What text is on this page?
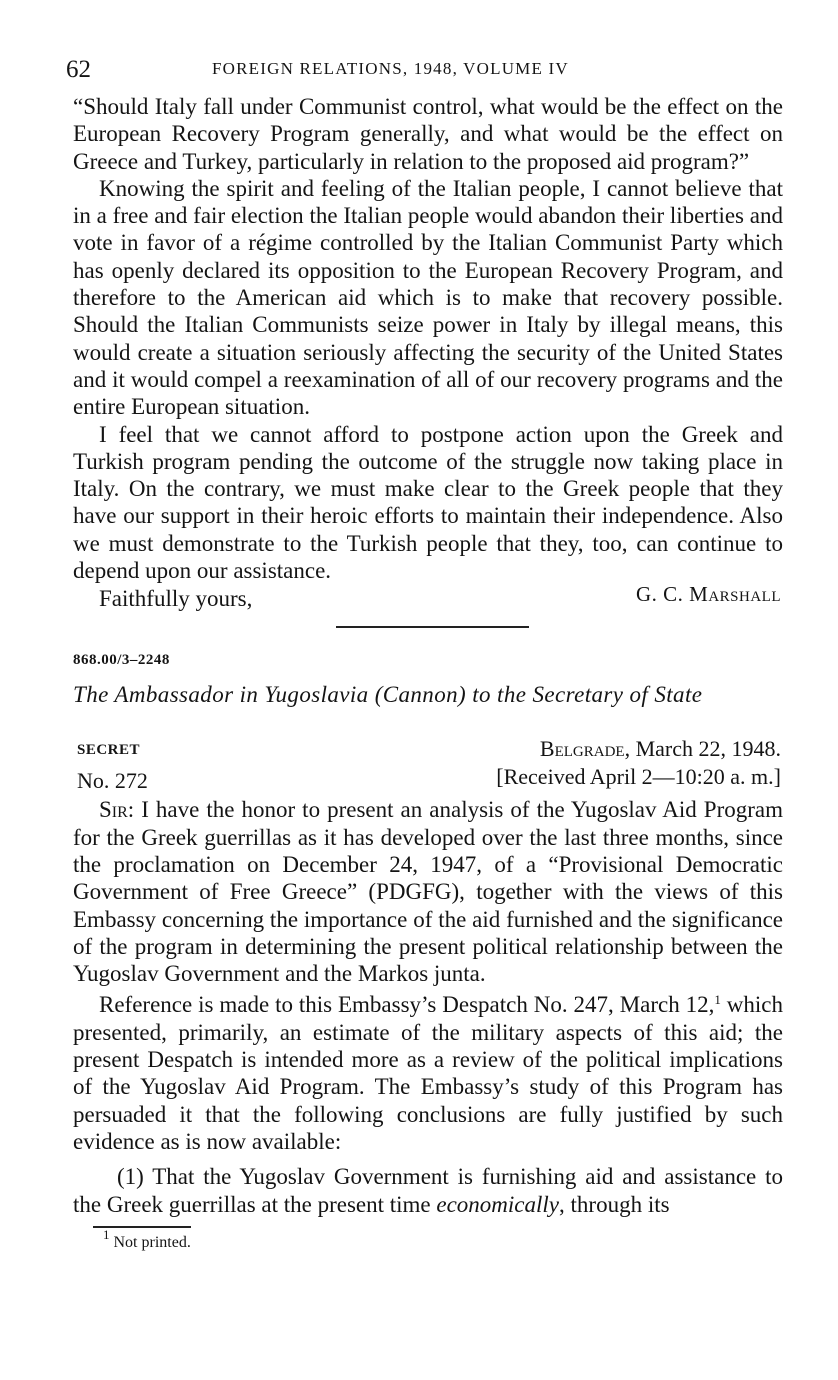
62	FOREIGN RELATIONS, 1948, VOLUME IV

“Should Italy fall under Communist control, what would be the effect on the European Recovery Program generally, and what would be the effect on Greece and Turkey, particularly in relation to the proposed aid program?”

Knowing the spirit and feeling of the Italian people, I cannot believe that in a free and fair election the Italian people would abandon their liberties and vote in favor of a régime controlled by the Italian Communist Party which has openly declared its opposition to the European Recovery Program, and therefore to the American aid which is to make that recovery possible. Should the Italian Communists seize power in Italy by illegal means, this would create a situation seriously affecting the security of the United States and it would compel a reexamination of all of our recovery programs and the entire European situation.

I feel that we cannot afford to postpone action upon the Greek and Turkish program pending the outcome of the struggle now taking place in Italy. On the contrary, we must make clear to the Greek people that they have our support in their heroic efforts to maintain their independence. Also we must demonstrate to the Turkish people that they, too, can continue to depend upon our assistance.

Faithfully yours,	G. C. Marshall
868.00/3–2248
The Ambassador in Yugoslavia (Cannon) to the Secretary of State
SECRET
No. 272
Belgrade, March 22, 1948.
[Received April 2—10:20 a. m.]

Sir: I have the honor to present an analysis of the Yugoslav Aid Program for the Greek guerrillas as it has developed over the last three months, since the proclamation on December 24, 1947, of a “Provisional Democratic Government of Free Greece” (PDGFG), together with the views of this Embassy concerning the importance of the aid furnished and the significance of the program in determining the present political relationship between the Yugoslav Government and the Markos junta.

Reference is made to this Embassy’s Despatch No. 247, March 12,$^1$ which presented, primarily, an estimate of the military aspects of this aid; the present Despatch is intended more as a review of the political implications of the Yugoslav Aid Program. The Embassy’s study of this Program has persuaded it that the following conclusions are fully justified by such evidence as is now available:

(1) That the Yugoslav Government is furnishing aid and assistance to the Greek guerrillas at the present time economically, through its

$^1$ Not printed.
